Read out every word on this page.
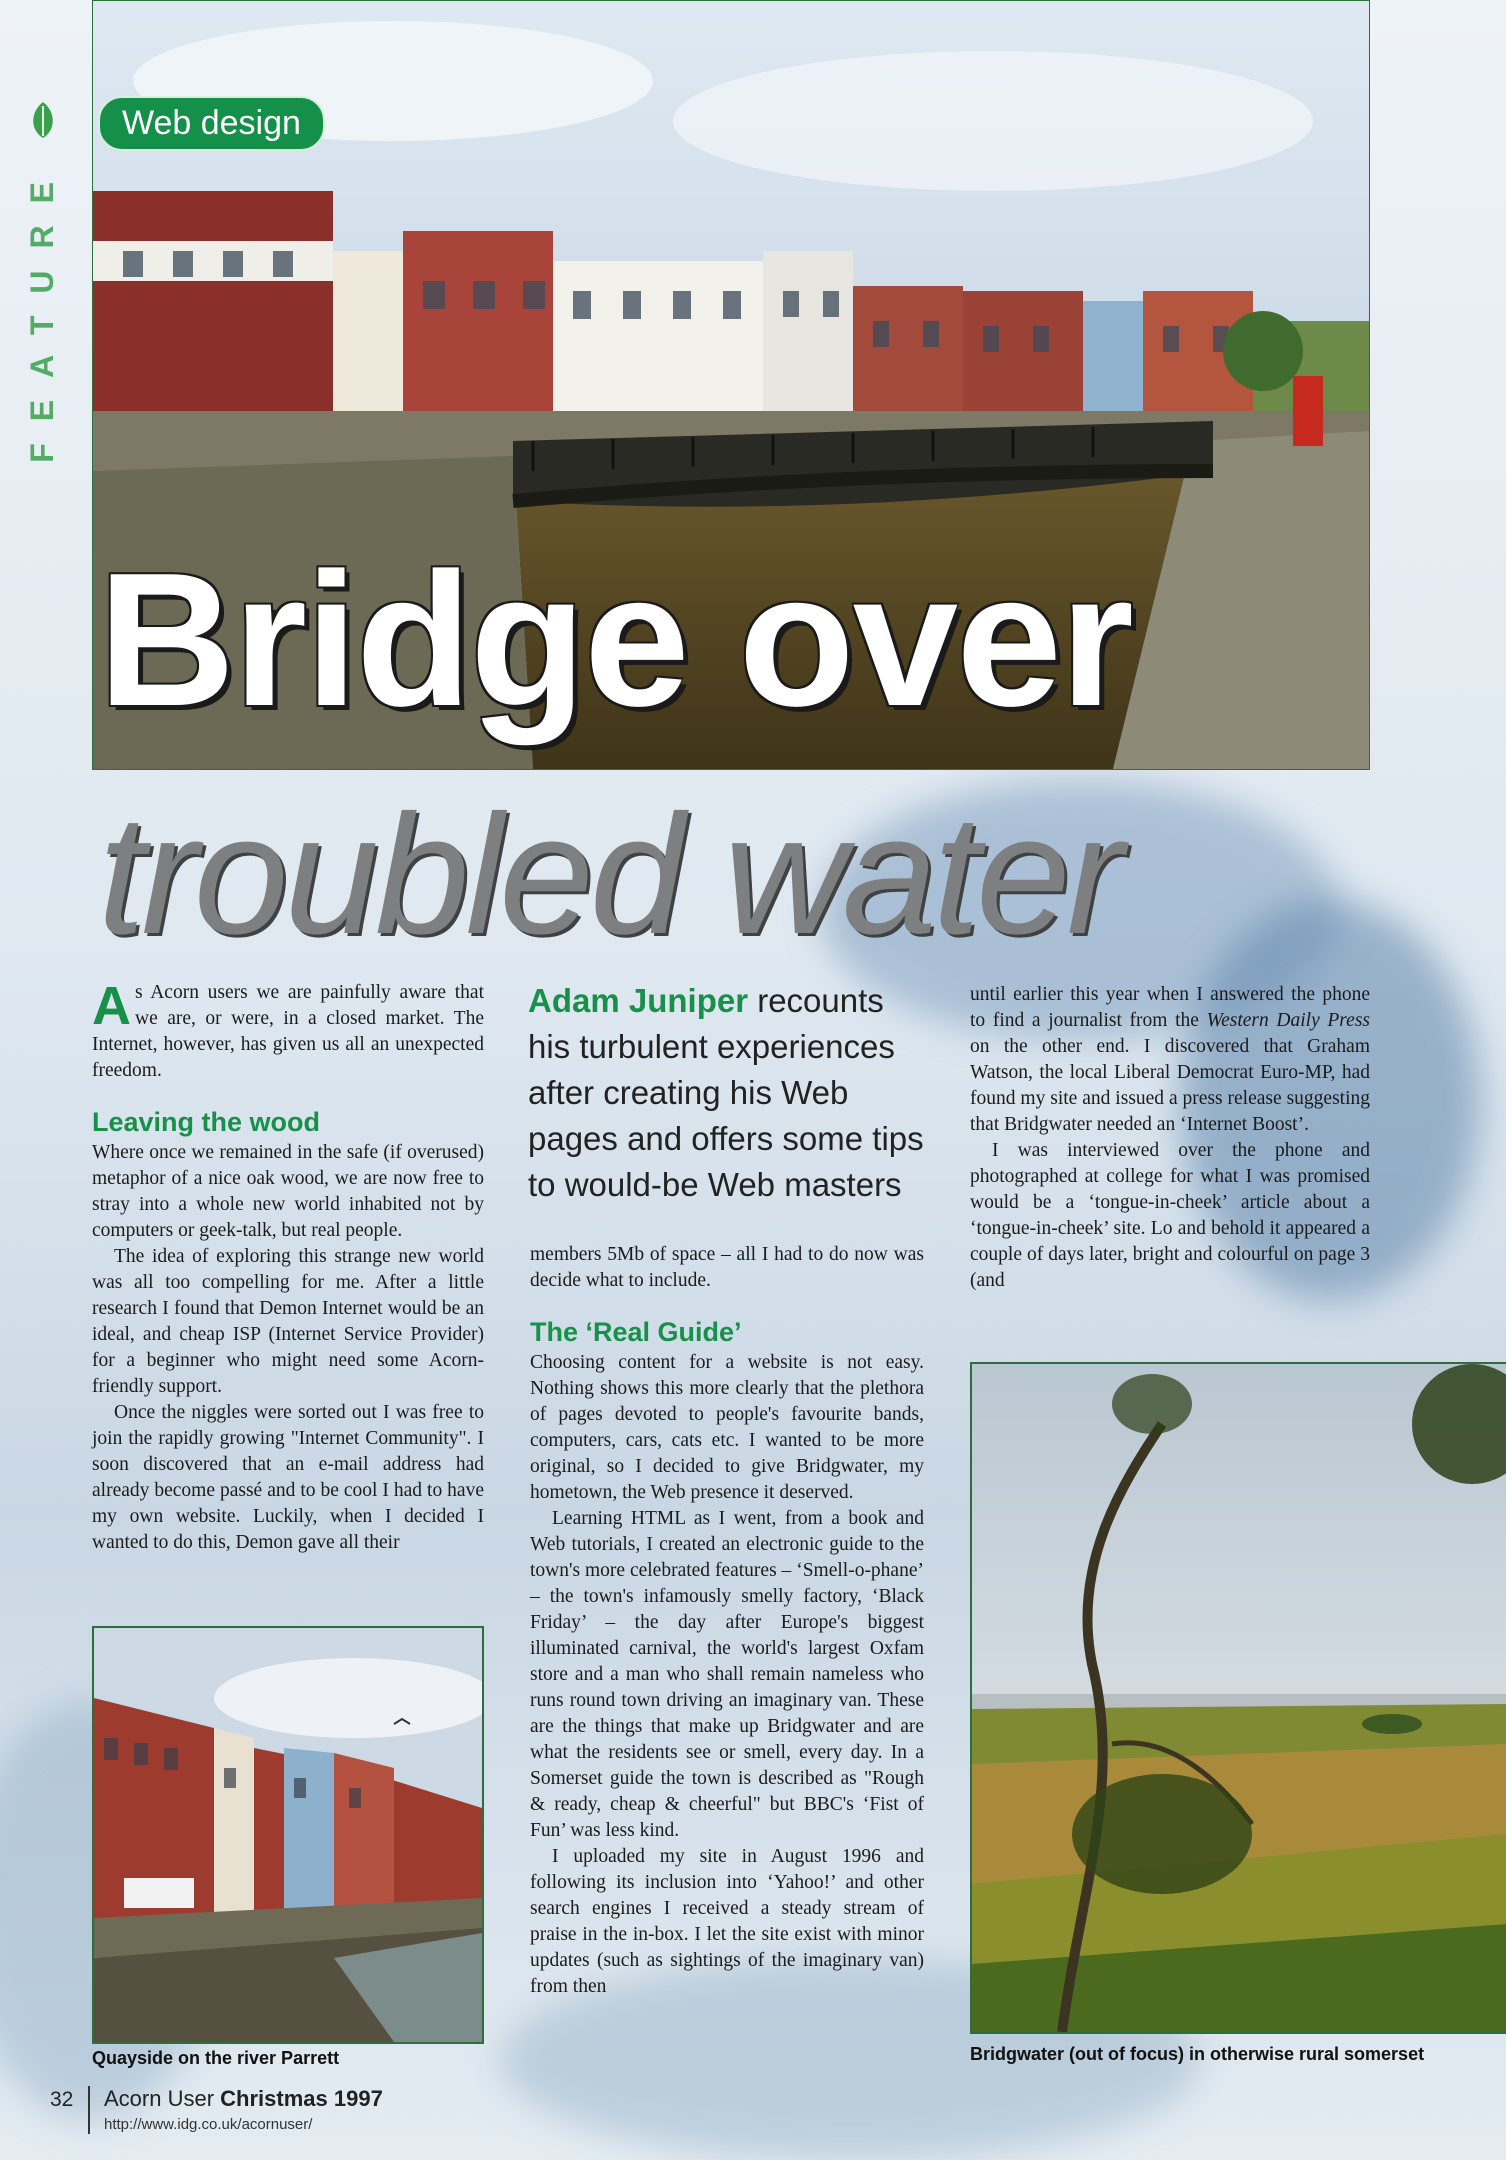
FEATURE
Web design
Bridge over
troubled water

As Acorn users we are painfully aware that we are, or were, in a closed market. The Internet, however, has given us all an unexpected freedom.

Leaving the wood

Where once we remained in the safe (if overused) metaphor of a nice oak wood, we are now free to stray into a whole new world inhabited not by computers or geek-talk, but real people.

The idea of exploring this strange new world was all too compelling for me. After a little research I found that Demon Internet would be an ideal, and cheap ISP (Internet Service Provider) for a beginner who might need some Acorn-friendly support.

Once the niggles were sorted out I was free to join the rapidly growing "Internet Community". I soon discovered that an e-mail address had already become passé and to be cool I had to have my own website. Luckily, when I decided I wanted to do this, Demon gave all their

Adam Juniper recounts his turbulent experiences after creating his Web pages and offers some tips to would-be Web masters

members 5Mb of space – all I had to do now was decide what to include.

The ‘Real Guide’

Choosing content for a website is not easy. Nothing shows this more clearly that the plethora of pages devoted to people's favourite bands, computers, cars, cats etc. I wanted to be more original, so I decided to give Bridgwater, my hometown, the Web presence it deserved.

Learning HTML as I went, from a book and Web tutorials, I created an electronic guide to the town's more celebrated features – ‘Smell-o-phane’ – the town's infamously smelly factory, ‘Black Friday’ – the day after Europe's biggest illuminated carnival, the world's largest Oxfam store and a man who shall remain nameless who runs round town driving an imaginary van. These are the things that make up Bridgwater and are what the residents see or smell, every day. In a Somerset guide the town is described as "Rough & ready, cheap & cheerful" but BBC's ‘Fist of Fun’ was less kind.

I uploaded my site in August 1996 and following its inclusion into ‘Yahoo!’ and other search engines I received a steady stream of praise in the in-box. I let the site exist with minor updates (such as sightings of the imaginary van) from then

until earlier this year when I answered the phone to find a journalist from the Western Daily Press on the other end. I discovered that Graham Watson, the local Liberal Democrat Euro-MP, had found my site and issued a press release suggesting that Bridgwater needed an ‘Internet Boost’.

I was interviewed over the phone and photographed at college for what I was promised would be a ‘tongue-in-cheek’ article about a ‘tongue-in-cheek’ site. Lo and behold it appeared a couple of days later, bright and colourful on page 3 (and

Quayside on the river Parrett	Bridgwater (out of focus) in otherwise rural somerset
32 Acorn User Christmas 1997
http://www.idg.co.uk/acornuser/
